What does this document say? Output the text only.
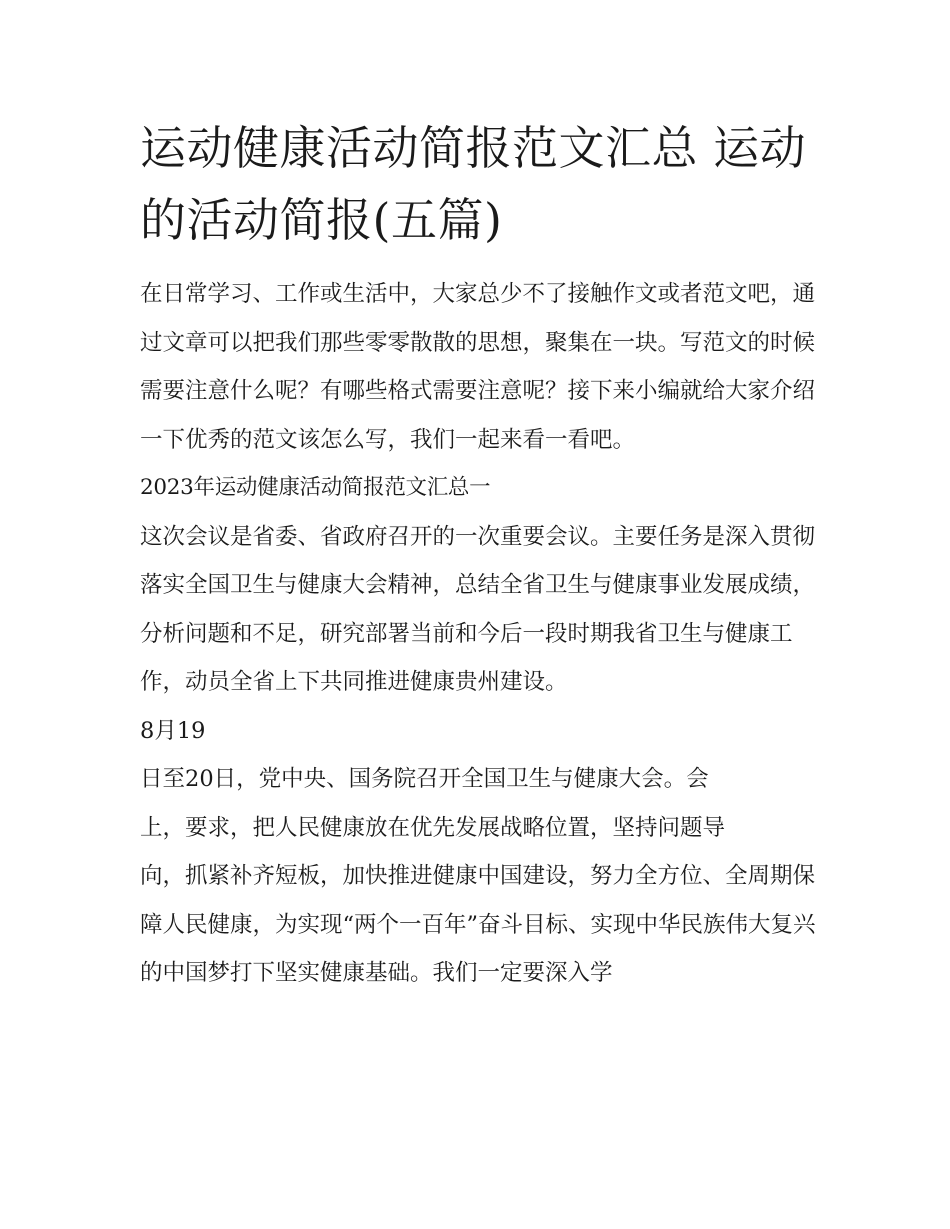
运动健康活动简报范文汇总 运动的活动简报(五篇)

在日常学习、工作或生活中，大家总少不了接触作文或者范文吧，通过文章可以把我们那些零零散散的思想，聚集在一块。写范文的时候需要注意什么呢？有哪些格式需要注意呢？接下来小编就给大家介绍一下优秀的范文该怎么写，我们一起来看一看吧。

2023年运动健康活动简报范文汇总一

这次会议是省委、省政府召开的一次重要会议。主要任务是深入贯彻落实全国卫生与健康大会精神，总结全省卫生与健康事业发展成绩，分析问题和不足，研究部署当前和今后一段时期我省卫生与健康工作，动员全省上下共同推进健康贵州建设。

8月19

日至20日，党中央、国务院召开全国卫生与健康大会。会

上，要求，把人民健康放在优先发展战略位置，坚持问题导

向，抓紧补齐短板，加快推进健康中国建设，努力全方位、全周期保障人民健康，为实现“两个一百年”奋斗目标、实现中华民族伟大复兴的中国梦打下坚实健康基础。我们一定要深入学
